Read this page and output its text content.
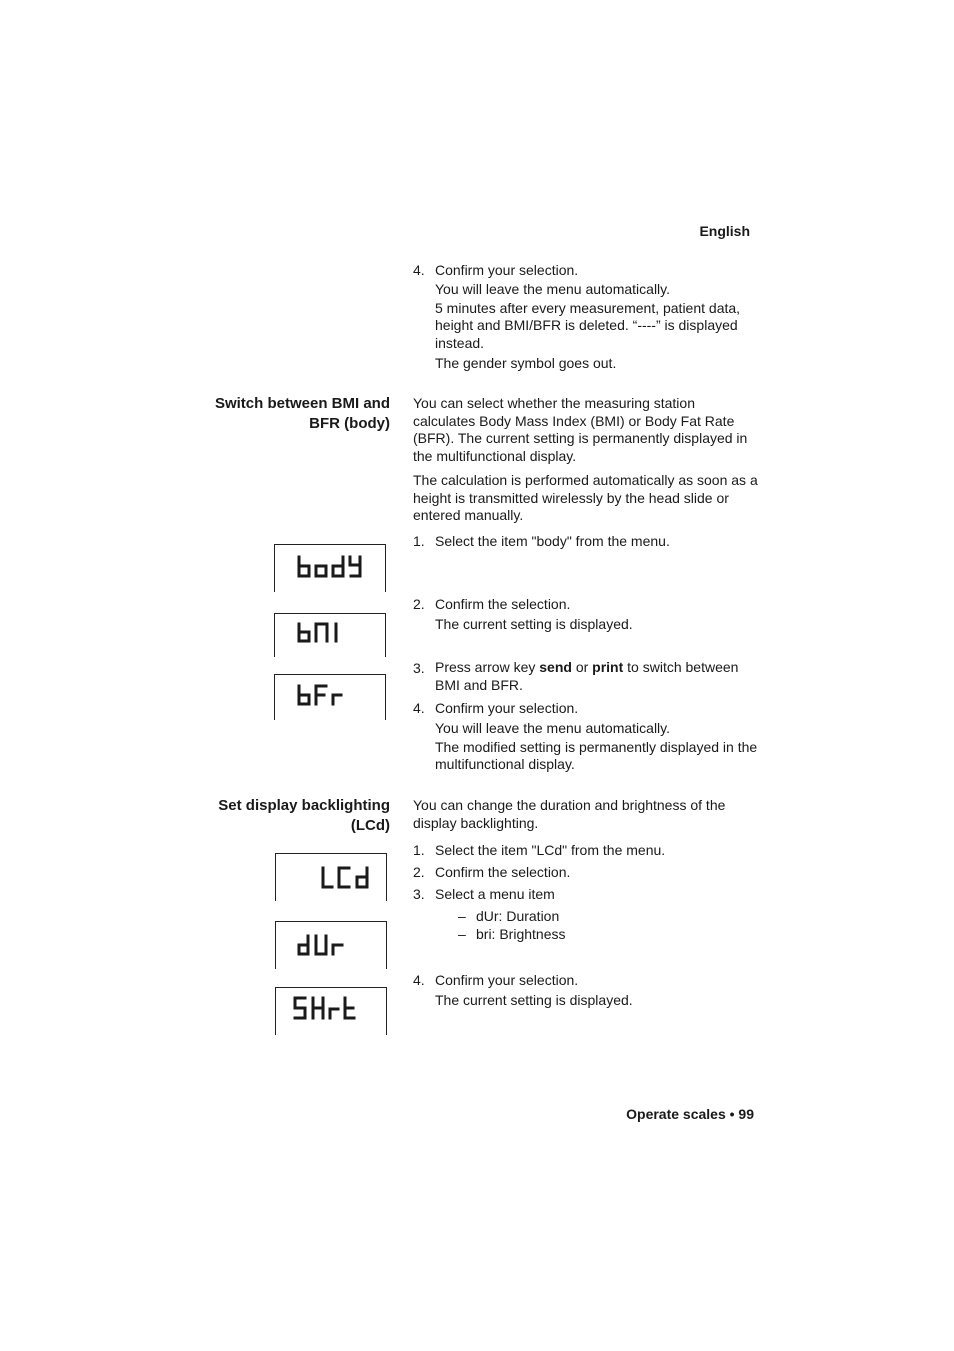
English
4. Confirm your selection.
You will leave the menu automatically.
5 minutes after every measurement, patient data, height and BMI/BFR is deleted. “----” is displayed instead.
The gender symbol goes out.
Switch between BMI and BFR (body)
You can select whether the measuring station calculates Body Mass Index (BMI) or Body Fat Rate (BFR). The current setting is permanently displayed in the multifunctional display.
The calculation is performed automatically as soon as a height is transmitted wirelessly by the head slide or entered manually.
1. Select the item "body" from the menu.
2. Confirm the selection.
The current setting is displayed.
3. Press arrow key send or print to switch between BMI and BFR.
4. Confirm your selection.
You will leave the menu automatically.
The modified setting is permanently displayed in the multifunctional display.
Set display backlighting (LCd)
You can change the duration and brightness of the display backlighting.
1. Select the item "LCd" from the menu.
2. Confirm the selection.
3. Select a menu item
– dUr: Duration
– bri: Brightness
4. Confirm your selection.
The current setting is displayed.
Operate scales • 99
